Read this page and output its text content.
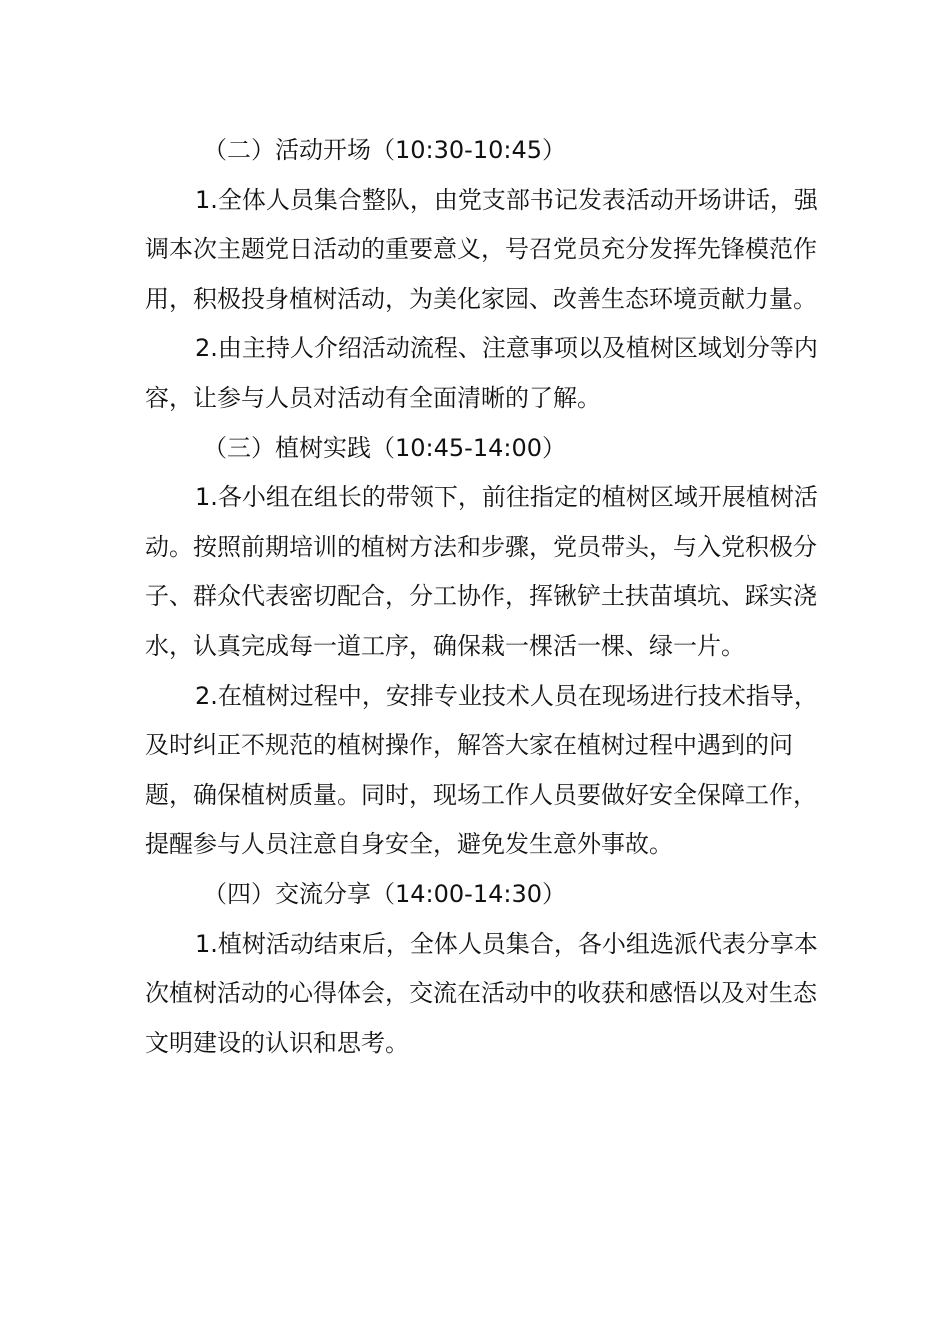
（二）活动开场（10:30-10:45）

1.全体人员集合整队，由党支部书记发表活动开场讲话，强调本次主题党日活动的重要意义，号召党员充分发挥先锋模范作用，积极投身植树活动，为美化家园、改善生态环境贡献力量。

2.由主持人介绍活动流程、注意事项以及植树区域划分等内容，让参与人员对活动有全面清晰的了解。

（三）植树实践（10:45-14:00）

1.各小组在组长的带领下，前往指定的植树区域开展植树活动。按照前期培训的植树方法和步骤，党员带头，与入党积极分子、群众代表密切配合，分工协作，挥锹铲土扶苗填坑、踩实浇水，认真完成每一道工序，确保栽一棵活一棵、绿一片。

2.在植树过程中，安排专业技术人员在现场进行技术指导，及时纠正不规范的植树操作，解答大家在植树过程中遇到的问题，确保植树质量。同时，现场工作人员要做好安全保障工作，提醒参与人员注意自身安全，避免发生意外事故。

（四）交流分享（14:00-14:30）

1.植树活动结束后，全体人员集合，各小组选派代表分享本次植树活动的心得体会，交流在活动中的收获和感悟以及对生态文明建设的认识和思考。
